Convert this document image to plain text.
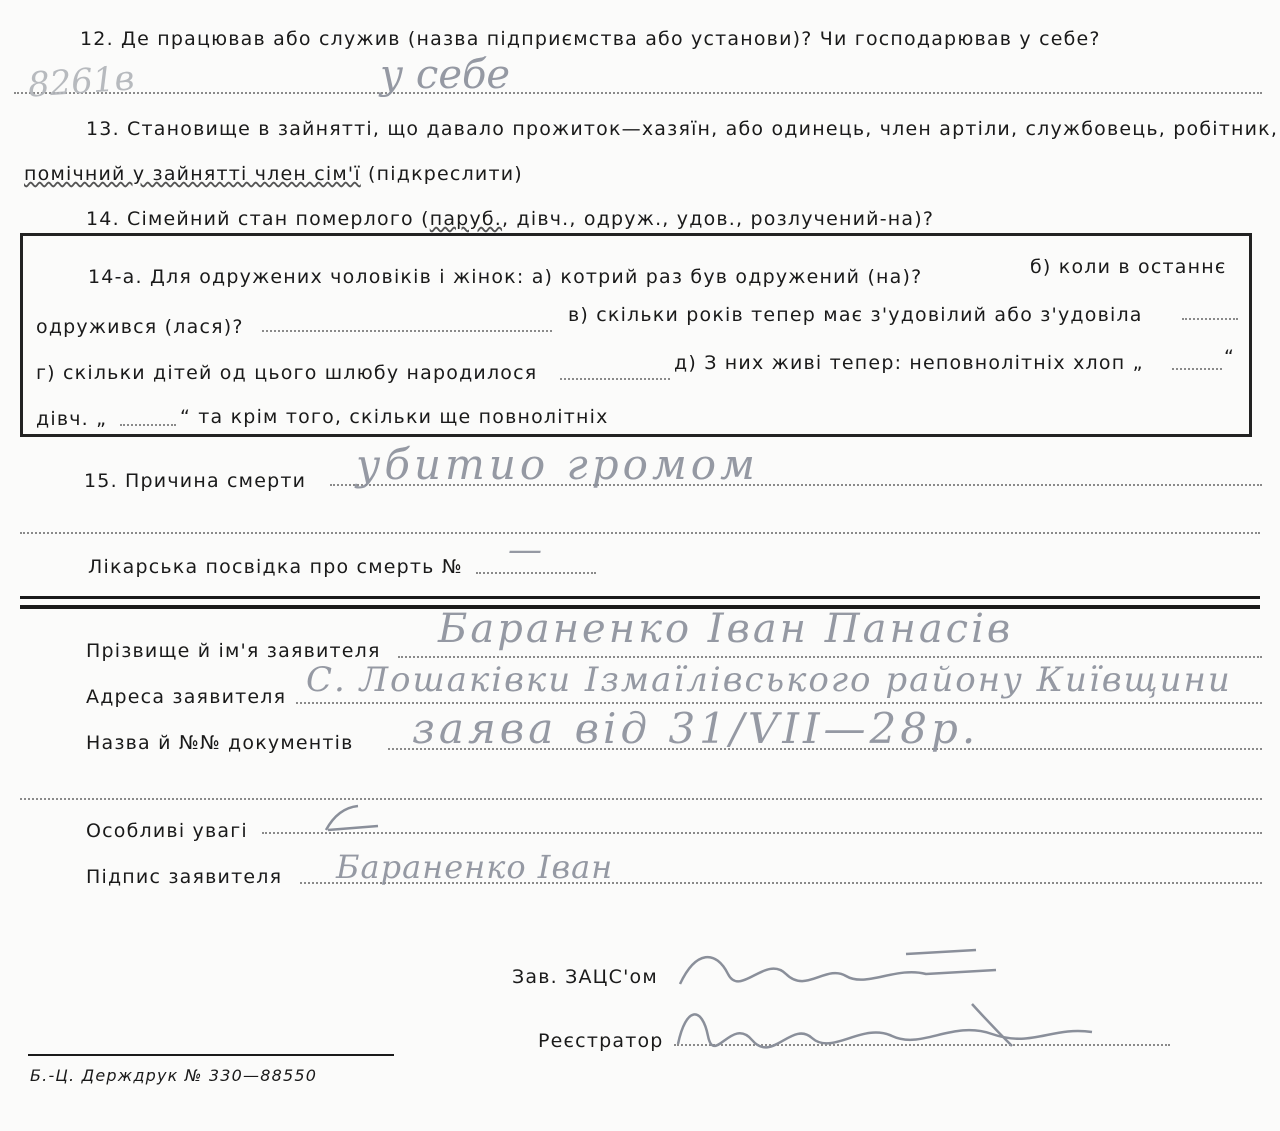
12. Де працював або служив (назва підприємства або установи)? Чи господарював у себе?
у себе
8261в
13. Становище в зайнятті, що давало прожиток—хазяїн, або одинець, член артіли, службовець, робітник,
помічний у зайнятті член сім'ї (підкреслити)
14. Сімейний стан померлого (паруб., дівч., одруж., удов., розлучений-на)?
14-а. Для одружених чоловіків і жінок: а) котрий раз був одружений (на)?	б) коли в останнє
одружився (лася)?
в) скільки років тепер має з'удовілий або з'удовіла
г) скільки дітей од цього шлюбу народилося	д) З них живі тепер: неповнолітніх хлоп „	“
дівч. „	“ та крім того, скільки ще повнолітніх
15. Причина смерти убитио громом
Лікарська посвідка про смерть № —
Прізвище й ім'я заявителя Бараненко Іван Панасів
Адреса заявителя С. Лошаківки Ізмаїлівського району Київщини
Назва й №№ документів заява від 31/VII—28р.
Особливі увагі
Підпис заявителя Бараненко Іван
Зав. ЗАЦС'ом
Реєстратор
Б.-Ц. Держдрук № 330—88550
